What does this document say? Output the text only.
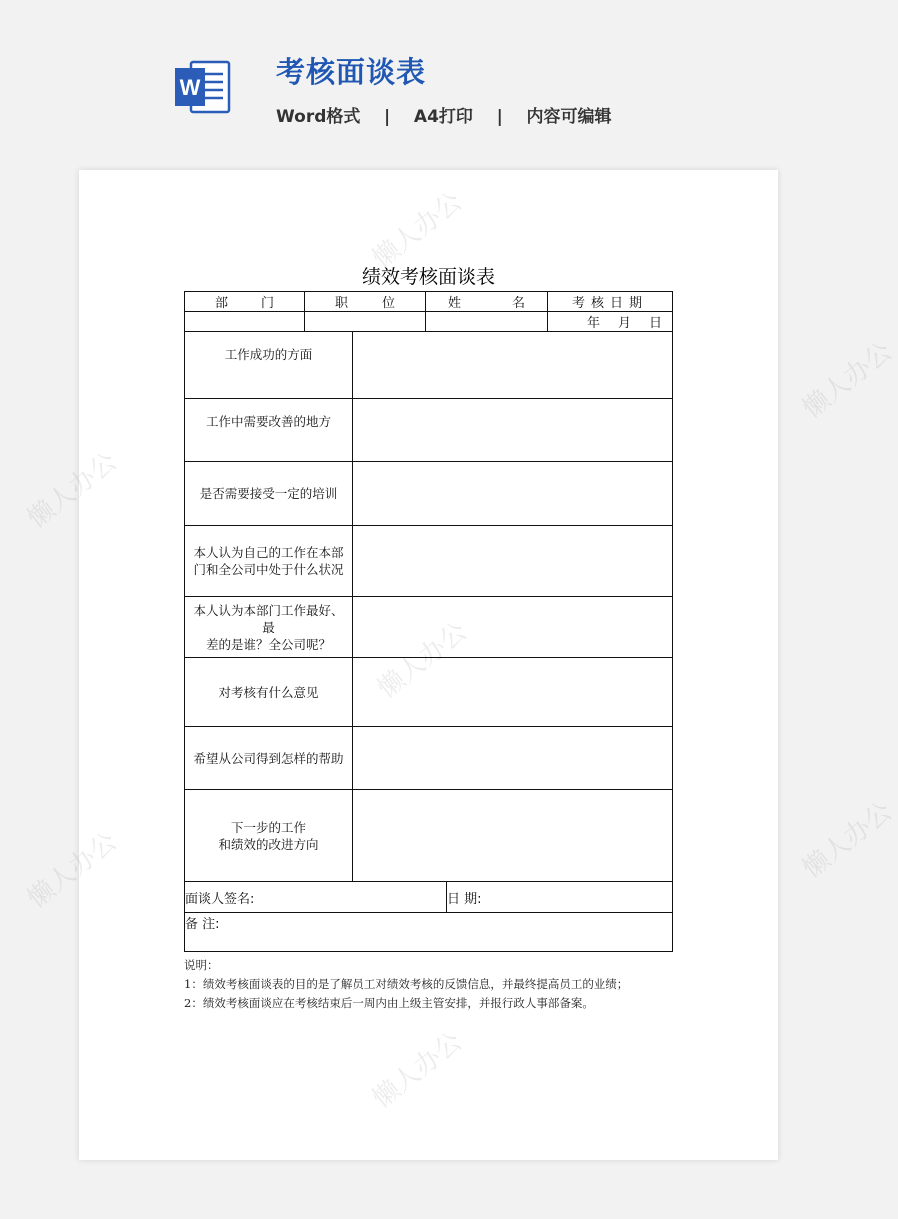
W	考核面谈表
Word格式    |    A4打印    |    内容可编辑
懒人办公
懒人办公
懒人办公
懒人办公
懒人办公	懒人办公
懒人办公
绩效考核面谈表
部 门	职 位		姓 名		考核日期

					年 月 日

工作成功的方面					

工作中需要改善的地方					

是否需要接受一定的培训					

本人认为自己的工作在本部
门和全公司中处于什么状况					

本人认为本部门工作最好、最
差的是谁？全公司呢？					

对考核有什么意见					

希望从公司得到怎样的帮助					

下一步的工作
和绩效的改进方向					

面谈人签名:				日 期:	
备 注:					
说明：
1：绩效考核面谈表的目的是了解员工对绩效考核的反馈信息，并最终提高员工的业绩；
2：绩效考核面谈应在考核结束后一周内由上级主管安排，并报行政人事部备案。
